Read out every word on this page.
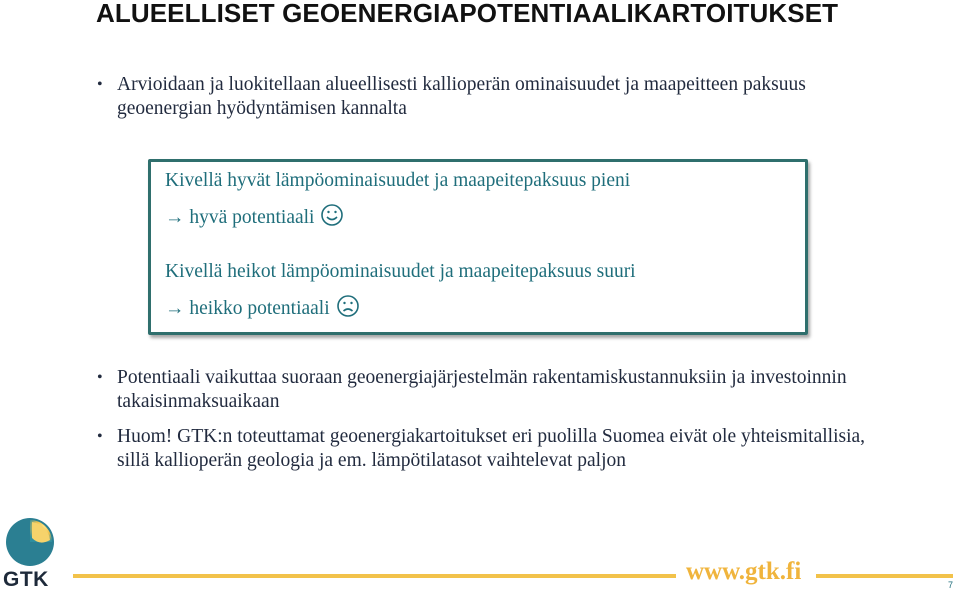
ALUEELLISET GEOENERGIAPOTENTIAALIKARTOITUKSET
• Arvioidaan ja luokitellaan alueellisesti kallioperän ominaisuudet ja maapeitteen paksuus geoenergian hyödyntämisen kannalta
Kivellä hyvät lämpöominaisuudet ja maapeitepaksuus pieni
→ hyvä potentiaali
Kivellä heikot lämpöominaisuudet ja maapeitepaksuus suuri
→ heikko potentiaali
• Potentiaali vaikuttaa suoraan geoenergiajärjestelmän rakentamiskustannuksiin ja investoinnin takaisinmaksuaikaan
• Huom! GTK:n toteuttamat geoenergiakartoitukset eri puolilla Suomea eivät ole yhteismitallisia, sillä kallioperän geologia ja em. lämpötilatasot vaihtelevat paljon
GTK	www.gtk.fi	7
